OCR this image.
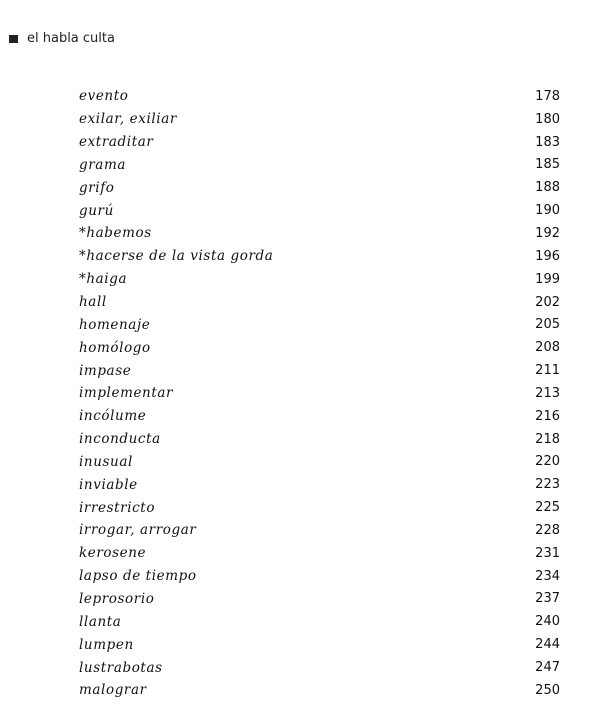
el habla culta
evento	178
exilar, exiliar	180
extraditar	183
grama	185
grifo	188
gurú	190
*habemos	192
*hacerse de la vista gorda	196
*haiga	199
hall	202
homenaje	205
homólogo	208
impase	211
implementar	213
incólume	216
inconducta	218
inusual	220
inviable	223
irrestricto	225
irrogar, arrogar	228
kerosene	231
lapso de tiempo	234
leprosorio	237
llanta	240
lumpen	244
lustrabotas	247
malograr	250
